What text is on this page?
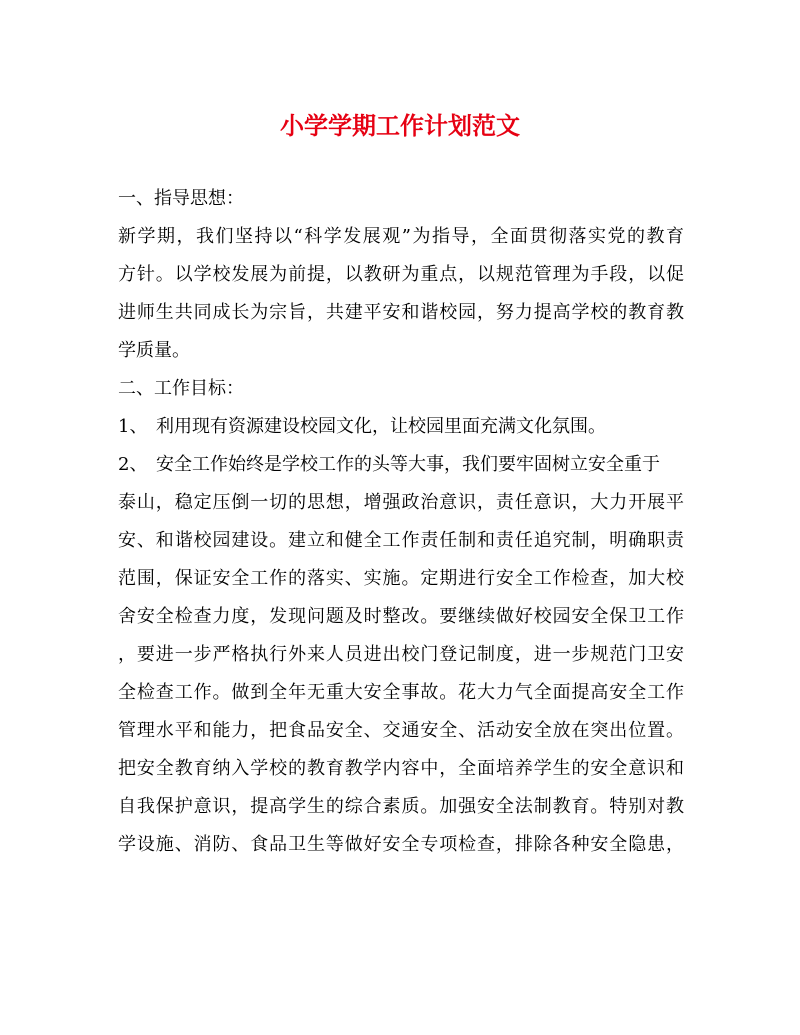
小学学期工作计划范文

一、指导思想：

新学期，我们坚持以“科学发展观”为指导，全面贯彻落实党的教育

方针。以学校发展为前提，以教研为重点，以规范管理为手段，以促

进师生共同成长为宗旨，共建平安和谐校园，努力提高学校的教育教

学质量。

二、工作目标：

1、 利用现有资源建设校园文化，让校园里面充满文化氛围。

2、 安全工作始终是学校工作的头等大事，我们要牢固树立安全重于

泰山，稳定压倒一切的思想，增强政治意识，责任意识，大力开展平

安、和谐校园建设。建立和健全工作责任制和责任追究制，明确职责

范围，保证安全工作的落实、实施。定期进行安全工作检查，加大校

舍安全检查力度，发现问题及时整改。要继续做好校园安全保卫工作

，要进一步严格执行外来人员进出校门登记制度，进一步规范门卫安

全检查工作。做到全年无重大安全事故。花大力气全面提高安全工作

管理水平和能力，把食品安全、交通安全、活动安全放在突出位置。

把安全教育纳入学校的教育教学内容中，全面培养学生的安全意识和

自我保护意识，提高学生的综合素质。加强安全法制教育。特别对教

学设施、消防、食品卫生等做好安全专项检查，排除各种安全隐患，
